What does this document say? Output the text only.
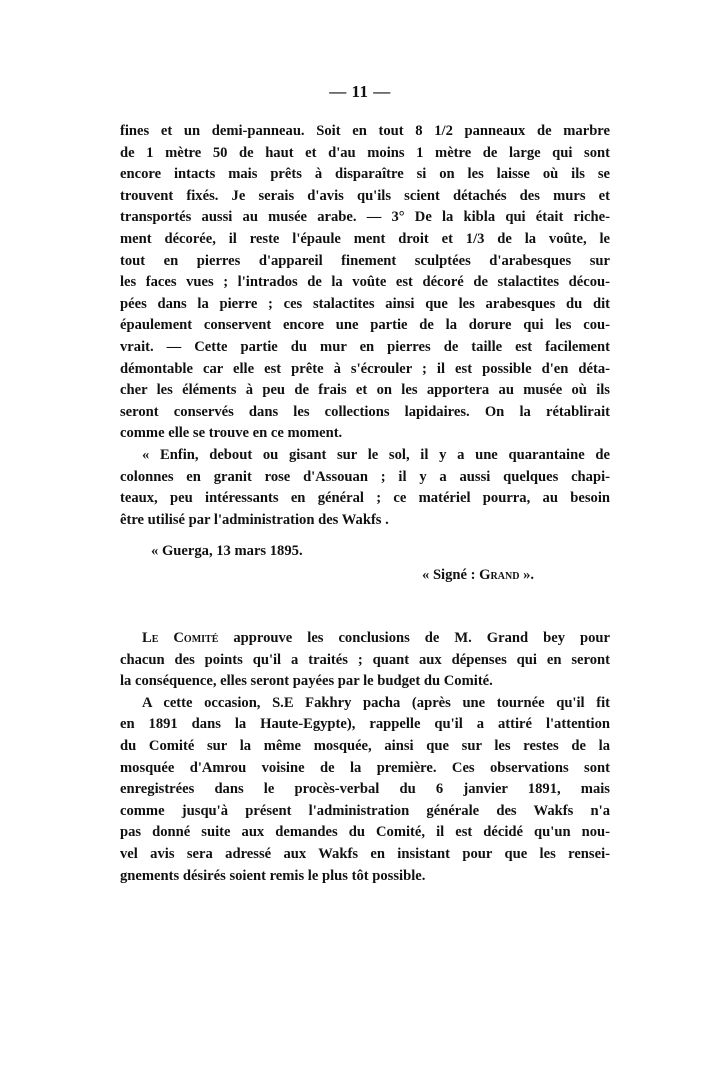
— 11 —
fines et un demi-panneau. Soit en tout 8 1/2 panneaux de marbre
de 1 mètre 50 de haut et d'au moins 1 mètre de large qui sont
encore intacts mais prêts à disparaître si on les laisse où ils se
trouvent fixés. Je serais d'avis qu'ils scient détachés des murs et
transportés aussi au musée arabe. — 3° De la kibla qui était riche-
ment décorée, il reste l'épaule ment droit et 1/3 de la voûte, le
tout en pierres d'appareil finement sculptées d'arabesques sur
les faces vues ; l'intrados de la voûte est décoré de stalactites décou-
pées dans la pierre ; ces stalactites ainsi que les arabesques du dit
épaulement conservent encore une partie de la dorure qui les cou-
vrait. — Cette partie du mur en pierres de taille est facilement
démontable car elle est prête à s'écrouler ; il est possible d'en déta-
cher les éléments à peu de frais et on les apportera au musée où ils
seront conservés dans les collections lapidaires. On la rétablirait
comme elle se trouve en ce moment.
« Enfin, debout ou gisant sur le sol, il y a une quarantaine de
colonnes en granit rose d'Assouan ; il y a aussi quelques chapi-
teaux, peu intéressants en général ; ce matériel pourra, au besoin
être utilisé par l'administration des Wakfs .
« Guerga, 13 mars 1895.
« Signé : Grand ».
Le Comité approuve les conclusions de M. Grand bey pour
chacun des points qu'il a traités ; quant aux dépenses qui en seront
la conséquence, elles seront payées par le budget du Comité.
A cette occasion, S.E Fakhry pacha (après une tournée qu'il fit
en 1891 dans la Haute-Egypte), rappelle qu'il a attiré l'attention
du Comité sur la même mosquée, ainsi que sur les restes de la
mosquée d'Amrou voisine de la première. Ces observations sont
enregistrées dans le procès-verbal du 6 janvier 1891, mais
comme jusqu'à présent l'administration générale des Wakfs n'a
pas donné suite aux demandes du Comité, il est décidé qu'un nou-
vel avis sera adressé aux Wakfs en insistant pour que les rensei-
gnements désirés soient remis le plus tôt possible.
